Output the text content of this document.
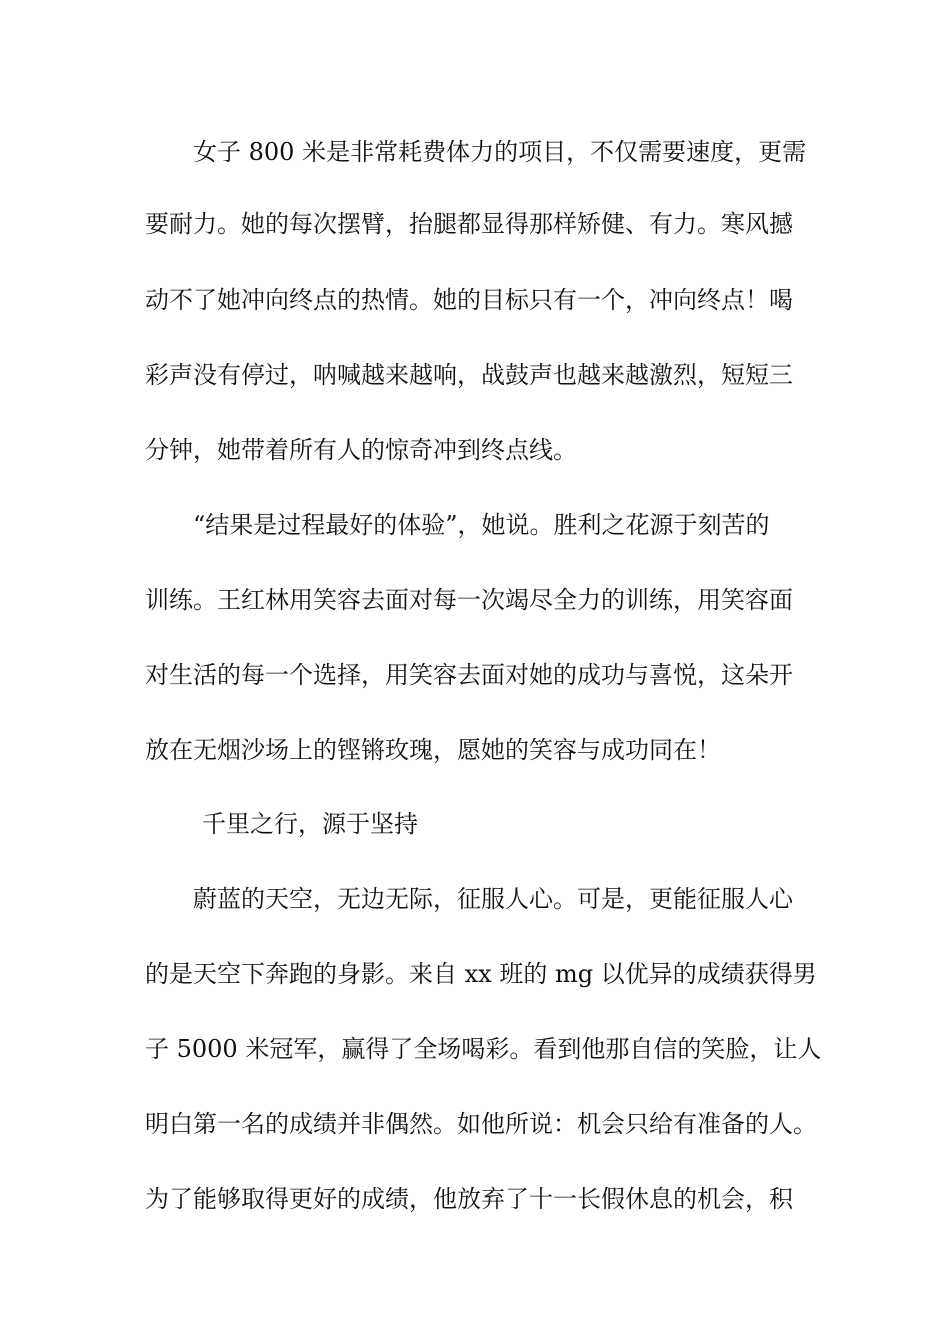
女子 800 米是非常耗费体力的项目，不仅需要速度，更需
要耐力。她的每次摆臂，抬腿都显得那样矫健、有力。寒风撼
动不了她冲向终点的热情。她的目标只有一个，冲向终点！喝
彩声没有停过，呐喊越来越响，战鼓声也越来越激烈，短短三
分钟，她带着所有人的惊奇冲到终点线。
“结果是过程最好的体验”，她说。胜利之花源于刻苦的
训练。王红林用笑容去面对每一次竭尽全力的训练，用笑容面
对生活的每一个选择，用笑容去面对她的成功与喜悦，这朵开
放在无烟沙场上的铿锵玫瑰，愿她的笑容与成功同在！
千里之行，源于坚持
蔚蓝的天空，无边无际，征服人心。可是，更能征服人心
的是天空下奔跑的身影。来自 xx 班的 mg 以优异的成绩获得男
子 5000 米冠军，赢得了全场喝彩。看到他那自信的笑脸，让人
明白第一名的成绩并非偶然。如他所说：机会只给有准备的人。
为了能够取得更好的成绩，他放弃了十一长假休息的机会，积
